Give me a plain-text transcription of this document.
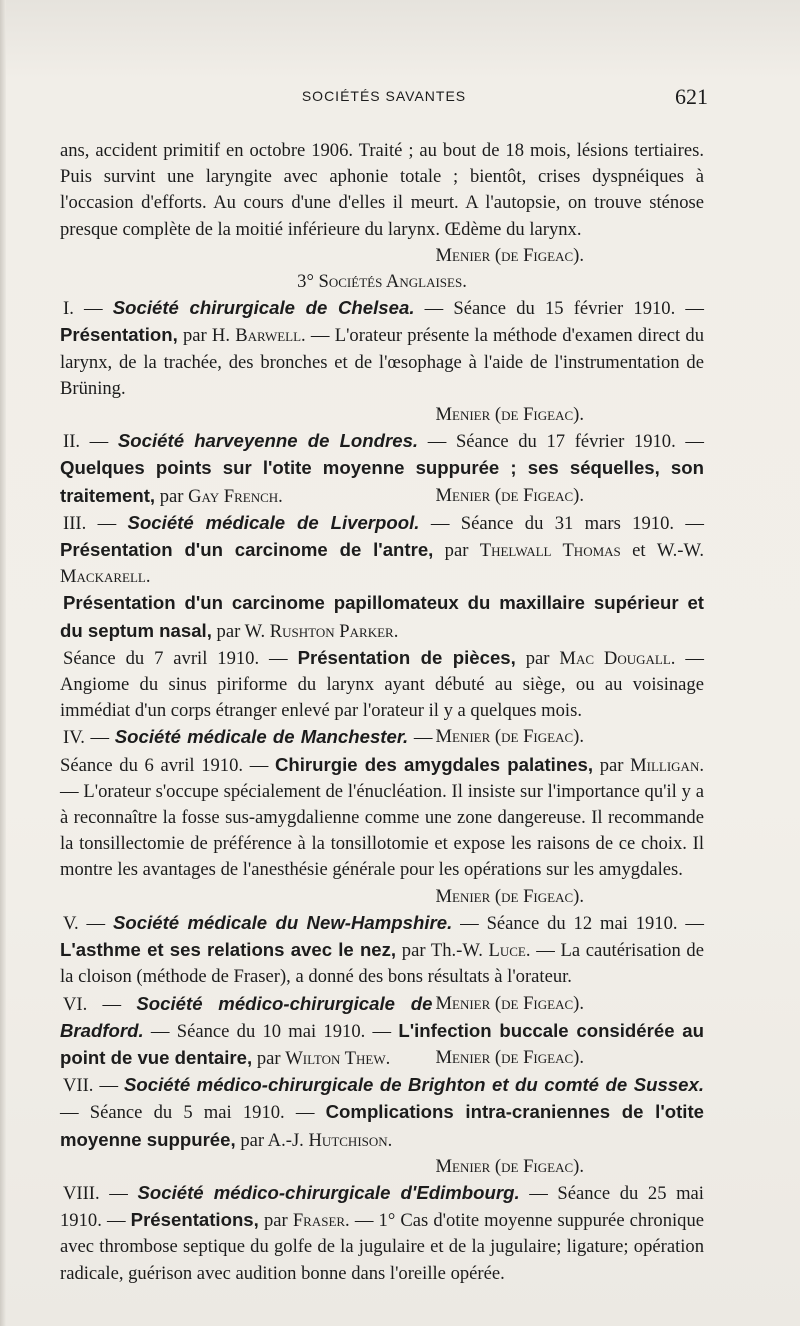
SOCIÉTÉS SAVANTES	621

ans, accident primitif en octobre 1906. Traité ; au bout de 18 mois, lésions tertiaires. Puis survint une laryngite avec aphonie totale ; bientôt, crises dyspnéiques à l'occasion d'efforts. Au cours d'une d'elles il meurt. A l'autopsie, on trouve sténose presque complète de la moitié inférieure du larynx. Œdème du larynx.

Menier (de Figeac).

3° Sociétés Anglaises.

I. — Société chirurgicale de Chelsea. — Séance du 15 février 1910. — Présentation, par H. Barwell. — L'orateur présente la méthode d'examen direct du larynx, de la trachée, des bronches et de l'œsophage à l'aide de l'instrumentation de Brüning.

Menier (de Figeac).

II. — Société harveyenne de Londres. — Séance du 17 février 1910. — Quelques points sur l'otite moyenne suppurée ; ses séquelles, son traitement, par Gay French.	Menier (de Figeac).

III. — Société médicale de Liverpool. — Séance du 31 mars 1910. — Présentation d'un carcinome de l'antre, par Thelwall Thomas et W.-W. Mackarell.

Présentation d'un carcinome papillomateux du maxillaire supérieur et du septum nasal, par W. Rushton Parker.

Séance du 7 avril 1910. — Présentation de pièces, par Mac Dougall. — Angiome du sinus piriforme du larynx ayant débuté au siège, ou au voisinage immédiat d'un corps étranger enlevé par l'orateur il y a quelques mois.
Menier (de Figeac).

IV. — Société médicale de Manchester. — Séance du 6 avril 1910. — Chirurgie des amygdales palatines, par Milligan. — L'orateur s'occupe spécialement de l'énucléation. Il insiste sur l'importance qu'il y a à reconnaître la fosse sus-amygdalienne comme une zone dangereuse. Il recommande la tonsillectomie de préférence à la tonsillotomie et expose les raisons de ce choix. Il montre les avantages de l'anesthésie générale pour les opérations sur les amygdales.

Menier (de Figeac).

V. — Société médicale du New-Hampshire. — Séance du 12 mai 1910. — L'asthme et ses relations avec le nez, par Th.-W. Luce. — La cautérisation de la cloison (méthode de Fraser), a donné des bons résultats à l'orateur.
Menier (de Figeac).

VI. — Société médico-chirurgicale de Bradford. — Séance du 10 mai 1910. — L'infection buccale considérée au point de vue dentaire, par Wilton Thew. Menier (de Figeac).

VII. — Société médico-chirurgicale de Brighton et du comté de Sussex. — Séance du 5 mai 1910. — Complications intra-craniennes de l'otite moyenne suppurée, par A.-J. Hutchison.

Menier (de Figeac).

VIII. — Société médico-chirurgicale d'Edimbourg. — Séance du 25 mai 1910. — Présentations, par Fraser. — 1° Cas d'otite moyenne suppurée chronique avec thrombose septique du golfe de la jugulaire et de la jugulaire; ligature; opération radicale, guérison avec audition bonne dans l'oreille opérée.
